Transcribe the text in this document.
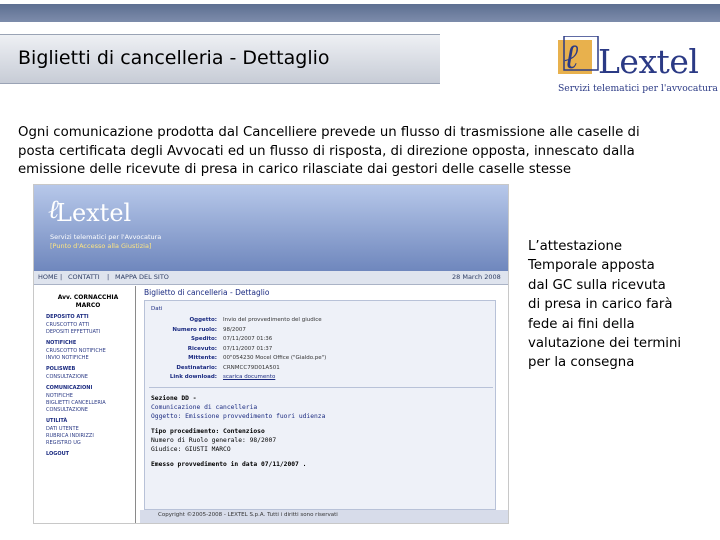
Biglietti di cancelleria - Dettaglio	ℓ Lextel
Servizi telematici per l'avvocatura
Ogni comunicazione prodotta dal Cancelliere prevede un flusso di trasmissione alle caselle di
posta certificata degli Avvocati ed un flusso di risposta, di direzione opposta, innescato dalla
emissione delle ricevute di presa in carico rilasciate dai gestori delle caselle stesse
ℓ
Lextel
Servizi telematici per l'Avvocatura
[Punto d'Accesso alla Giustizia]
HOME | CONTATTI | MAPPA DEL SITO	28 March 2008
Avv. CORNACCHIA MARCO
DEPOSITO ATTI
CRUSCOTTO ATTI
DEPOSITI EFFETTUATI
NOTIFICHE
CRUSCOTTO NOTIFICHE
INVIO NOTIFICHE
POLISWEB
CONSULTAZIONE
COMUNICAZIONI
NOTIFICHE
BIGLIETTI CANCELLERIA
CONSULTAZIONE
UTILITÀ
DATI UTENTE
RUBRICA INDIRIZZI
REGISTRO UG
LOGOUT
Biglietto di cancelleria - Dettaglio
Dati
Oggetto: Invio del provvedimento del giudice
Numero ruolo: 98/2007
Spedito: 07/11/2007 01:36
Ricevuto: 07/11/2007 01:37
Mittente: 00"054230 Mocel Office ("Gialdo.pe")
Destinatario: CRNMCC79D01A501
Link download: scarica documento
Sezione DD -
Comunicazione di cancelleria
Oggetto: Emissione provvedimento fuori udienza
Tipo procedimento: Contenzioso
Numero di Ruolo generale: 98/2007
Giudice: GIUSTI MARCO
Emesso provvedimento in data 07/11/2007 .
Copyright ©2005-2008 - LEXTEL S.p.A. Tutti i diritti sono riservati
L’attestazione
Temporale apposta
dal GC sulla ricevuta
di presa in carico farà
fede ai fini della
valutazione dei termini
per la consegna
